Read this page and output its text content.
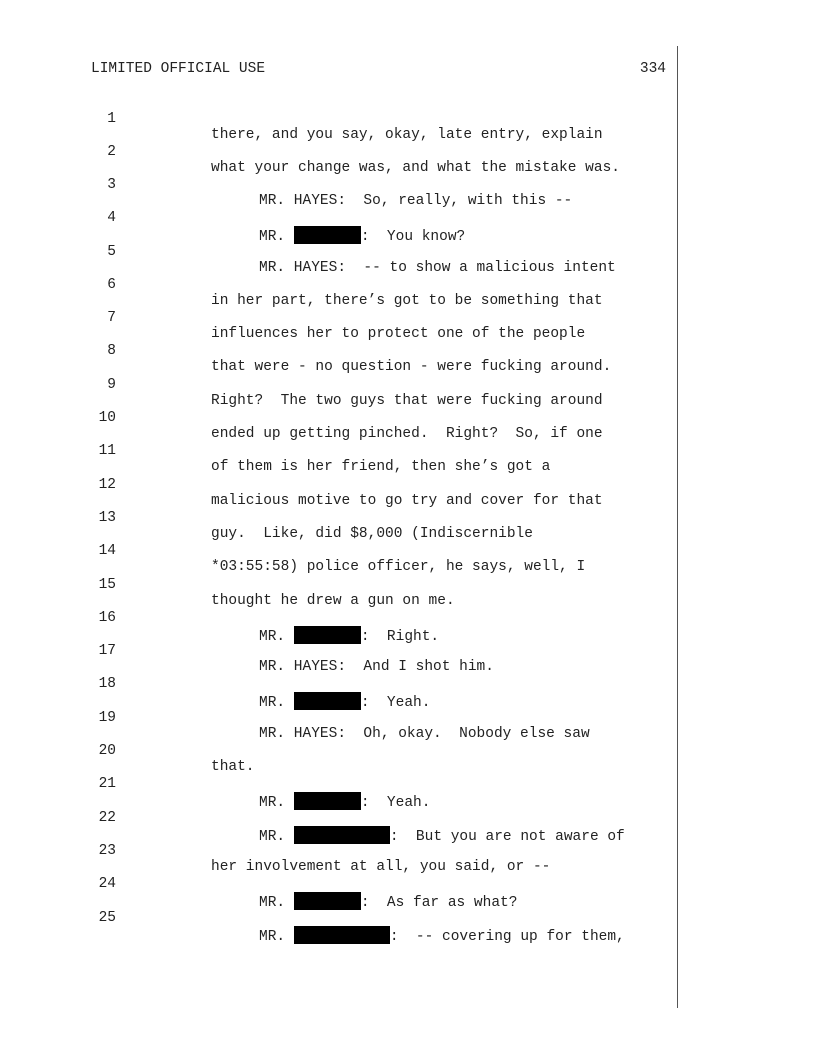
LIMITED OFFICIAL USE	334

1

there, and you say, okay, late entry, explain

2

what your change was, and what the mistake was.

3

MR. HAYES:  So, really, with this --

4

MR.	:  You know?

5

MR. HAYES:  -- to show a malicious intent

6

in her part, there’s got to be something that

7

influences her to protect one of the people

8

that were - no question - were fucking around.

9

Right?  The two guys that were fucking around

10

ended up getting pinched.  Right?  So, if one

11

of them is her friend, then she’s got a

12

malicious motive to go try and cover for that

13

guy.  Like, did $8,000 (Indiscernible

14

*03:55:58) police officer, he says, well, I

15

thought he drew a gun on me.

16

MR.	:  Right.

17

MR. HAYES:  And I shot him.

18

MR.	:  Yeah.

19

MR. HAYES:  Oh, okay.  Nobody else saw

20

that.

21

MR.	:  Yeah.

22

MR.	:  But you are not aware of

23

her involvement at all, you said, or --

24

MR.	:  As far as what?

25

MR.	:  -- covering up for them,
